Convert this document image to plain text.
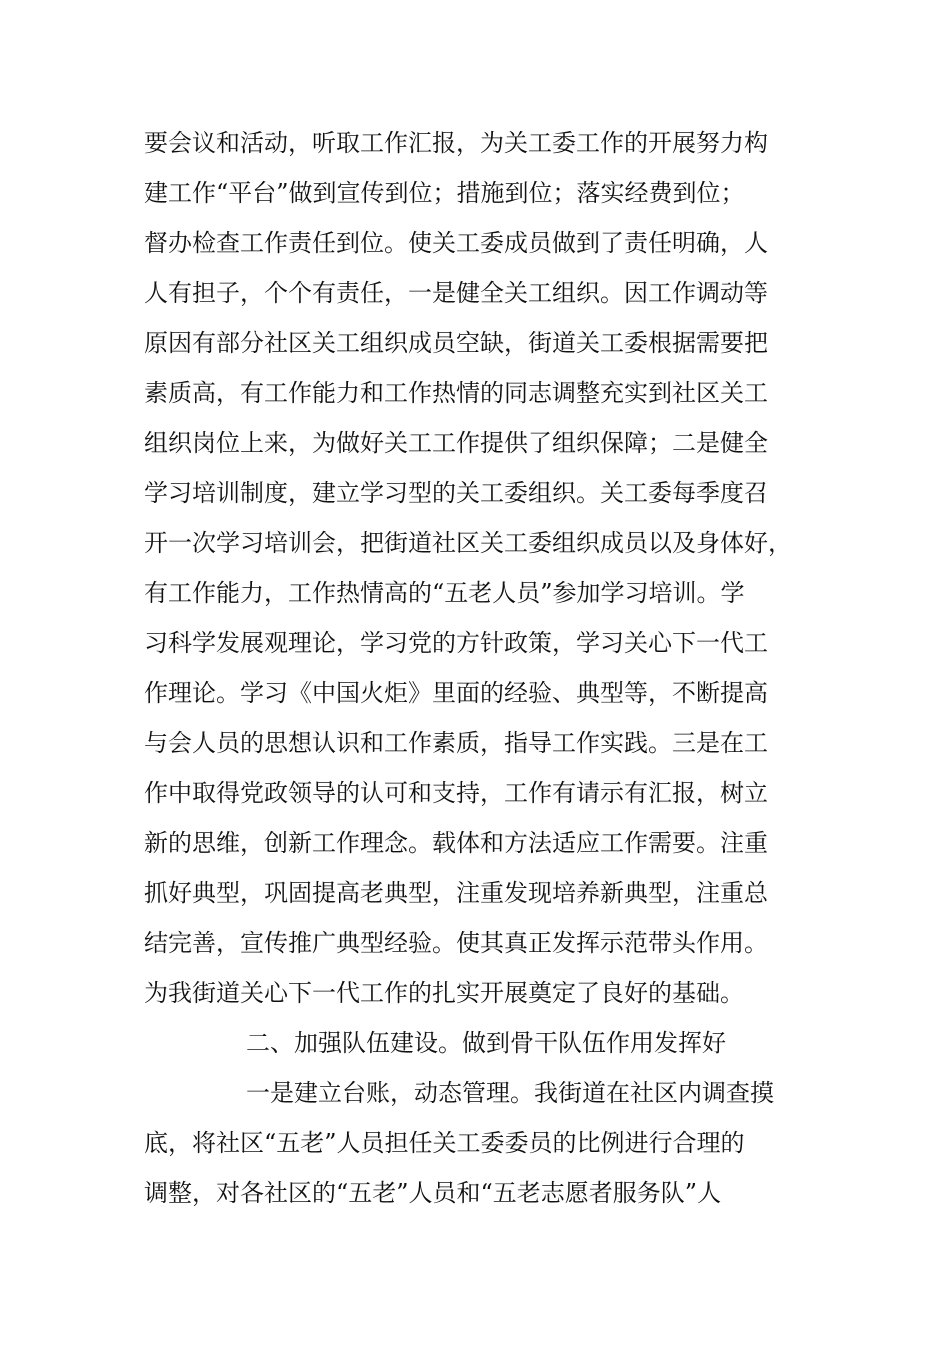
要会议和活动，听取工作汇报，为关工委工作的开展努力构
建工作“平台”做到宣传到位；措施到位；落实经费到位；
督办检查工作责任到位。使关工委成员做到了责任明确，人
人有担子，个个有责任，一是健全关工组织。因工作调动等
原因有部分社区关工组织成员空缺，街道关工委根据需要把
素质高，有工作能力和工作热情的同志调整充实到社区关工
组织岗位上来，为做好关工工作提供了组织保障；二是健全
学习培训制度，建立学习型的关工委组织。关工委每季度召
开一次学习培训会，把街道社区关工委组织成员以及身体好，
有工作能力，工作热情高的“五老人员”参加学习培训。学
习科学发展观理论，学习党的方针政策，学习关心下一代工
作理论。学习《中国火炬》里面的经验、典型等，不断提高
与会人员的思想认识和工作素质，指导工作实践。三是在工
作中取得党政领导的认可和支持，工作有请示有汇报，树立
新的思维，创新工作理念。载体和方法适应工作需要。注重
抓好典型，巩固提高老典型，注重发现培养新典型，注重总
结完善，宣传推广典型经验。使其真正发挥示范带头作用。
为我街道关心下一代工作的扎实开展奠定了良好的基础。
二、加强队伍建设。做到骨干队伍作用发挥好
一是建立台账，动态管理。我街道在社区内调查摸
底，将社区“五老”人员担任关工委委员的比例进行合理的
调整，对各社区的“五老”人员和“五老志愿者服务队”人
